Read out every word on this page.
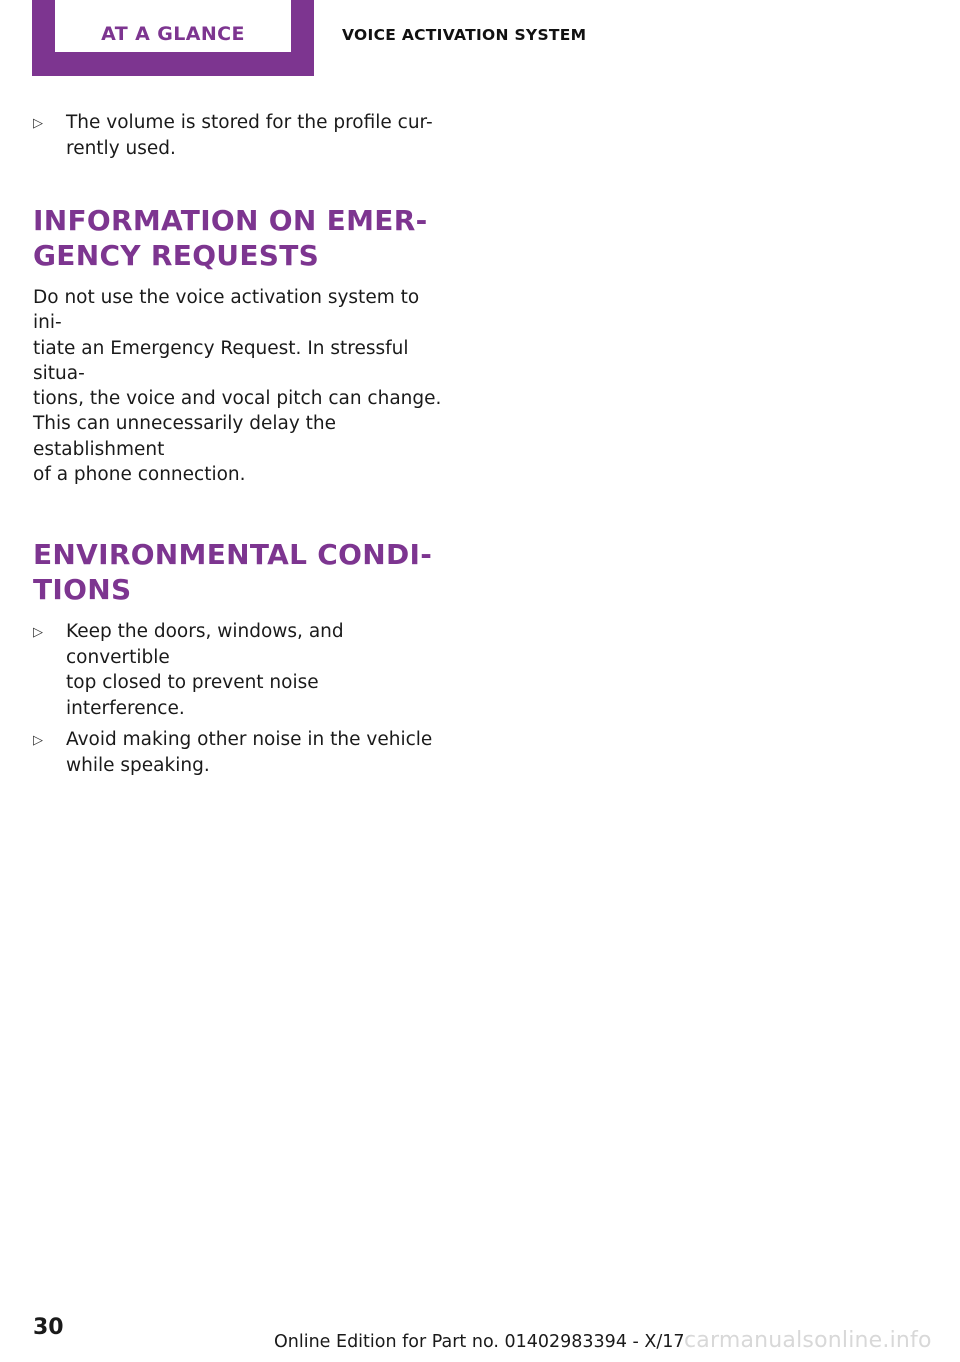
AT A GLANCE	VOICE ACTIVATION SYSTEM
▷ The volume is stored for the profile cur-
rently used.
INFORMATION ON EMER-
GENCY REQUESTS

Do not use the voice activation system to ini-
tiate an Emergency Request. In stressful situa-
tions, the voice and vocal pitch can change.
This can unnecessarily delay the establishment
of a phone connection.

ENVIRONMENTAL CONDI-
TIONS
▷ Keep the doors, windows, and convertible
top closed to prevent noise interference.
▷ Avoid making other noise in the vehicle
while speaking.
30
Online Edition for Part no. 01402983394 - X/17 carmanualsonline.info
